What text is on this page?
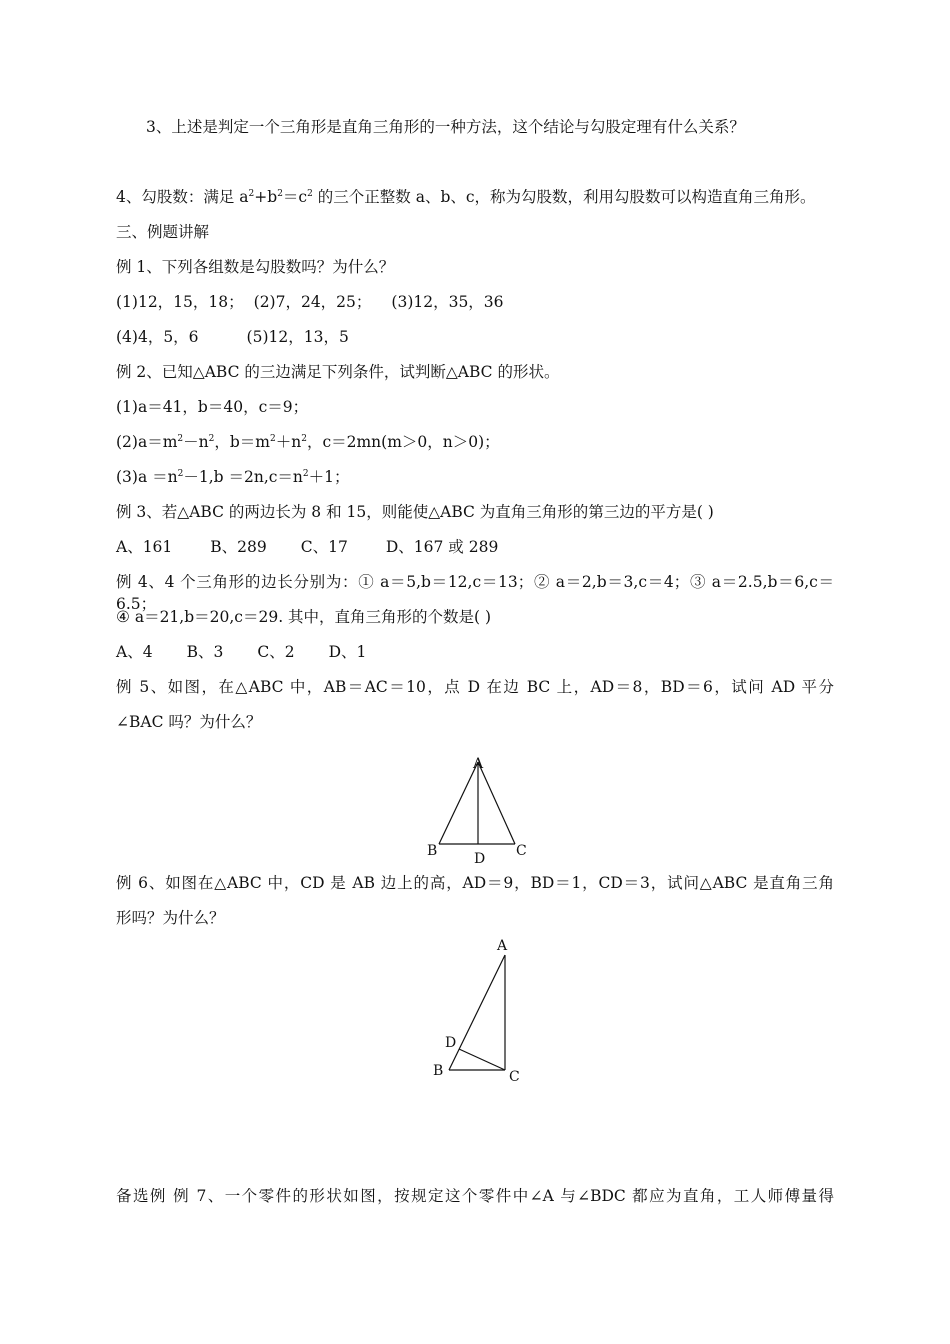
3、上述是判定一个三角形是直角三角形的一种方法，这个结论与勾股定理有什么关系？
4、勾股数：满足 $a^2+b^2=c^2$ 的三个正整数 a、b、c，称为勾股数，利用勾股数可以构造直角三角形。
三、例题讲解
例 1、下列各组数是勾股数吗？为什么？
(1)12，15，18； (2)7，24，25； (3)12，35，36
(4)4，5，6	(5)12，13，5
例 2、已知△ABC 的三边满足下列条件，试判断△ABC 的形状。
(1)a＝41，b＝40，c＝9；
$(2)a=m^2-n^2$，$b=m^2+n^2$，c＝2mn(m＞0，n＞0)；
$(3)a =n^2-1,b =2n,c=n^2+1$；
例 3、若△ABC 的两边长为 8 和 15，则能使△ABC 为直角三角形的第三边的平方是( )
A、161 B、289 C、17 D、167 或 289
例 4、4 个三角形的边长分别为：① a＝5,b＝12,c＝13；② a＝2,b＝3,c＝4；③ a＝2.5,b＝6,c＝6.5；
④ a＝21,b＝20,c＝29. 其中，直角三角形的个数是( )
A、4 B、3 C、2 D、1
例 5、如图，在△ABC 中，AB＝AC＝10，点 D 在边 BC 上，AD＝8，BD＝6，试问 AD 平分
∠BAC 吗？为什么？
A
B	C
D
例 6、如图在△ABC 中，CD 是 AB 边上的高，AD＝9，BD＝1，CD＝3，试问△ABC 是直角三角
形吗？为什么？
A
D
B	C
备选例 例 7、一个零件的形状如图，按规定这个零件中∠A 与∠BDC 都应为直角，工人师傅量得
